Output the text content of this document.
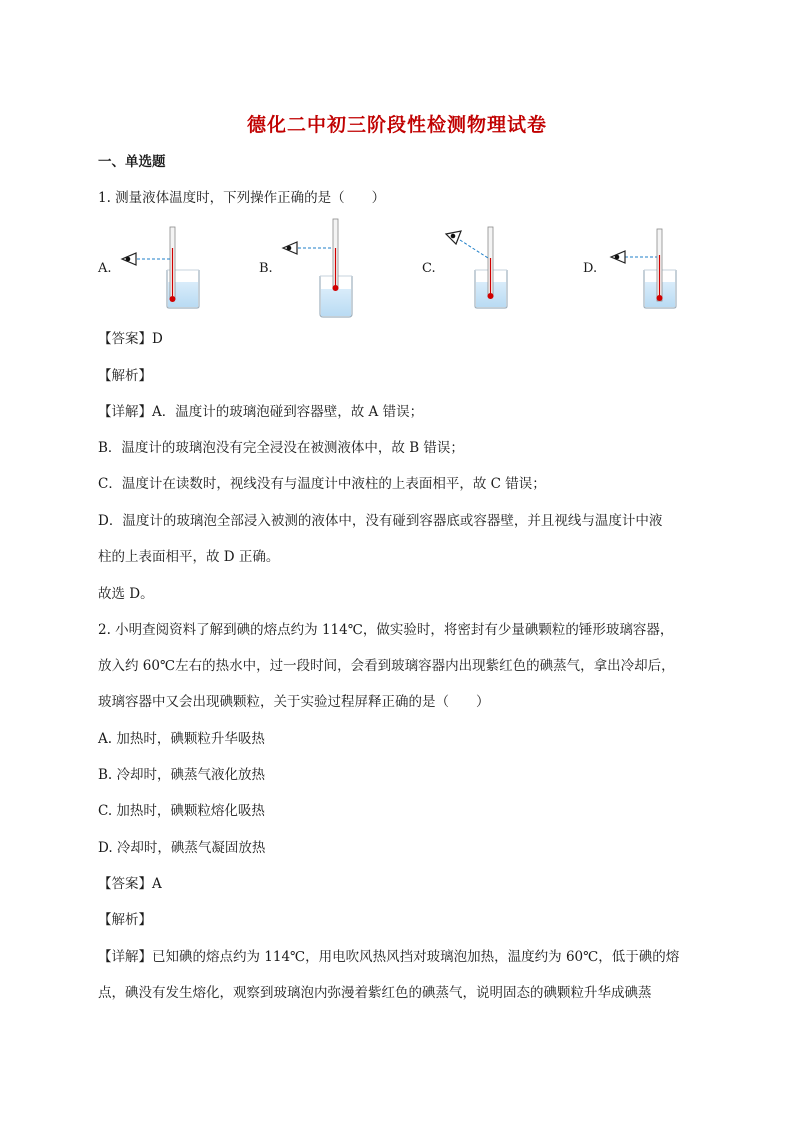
德化二中初三阶段性检测物理试卷
一、单选题
1. 测量液体温度时，下列操作正确的是（　　）
A.	B.	C.	D.
【答案】D
【解析】
【详解】A．温度计的玻璃泡碰到容器壁，故 A 错误；
B．温度计的玻璃泡没有完全浸没在被测液体中，故 B 错误；
C．温度计在读数时，视线没有与温度计中液柱的上表面相平，故 C 错误；
D．温度计的玻璃泡全部浸入被测的液体中，没有碰到容器底或容器壁，并且视线与温度计中液
柱的上表面相平，故 D 正确。
故选 D。
2. 小明查阅资料了解到碘的熔点约为 114℃，做实验时，将密封有少量碘颗粒的锤形玻璃容器，
放入约 60℃左右的热水中，过一段时间，会看到玻璃容器内出现紫红色的碘蒸气，拿出冷却后，
玻璃容器中又会出现碘颗粒，关于实验过程屏释正确的是（　　）
A. 加热时，碘颗粒升华吸热
B. 冷却时，碘蒸气液化放热
C. 加热时，碘颗粒熔化吸热
D. 冷却时，碘蒸气凝固放热
【答案】A
【解析】
【详解】已知碘的熔点约为 114℃，用电吹风热风挡对玻璃泡加热，温度约为 60℃，低于碘的熔
点，碘没有发生熔化，观察到玻璃泡内弥漫着紫红色的碘蒸气，说明固态的碘颗粒升华成碘蒸
